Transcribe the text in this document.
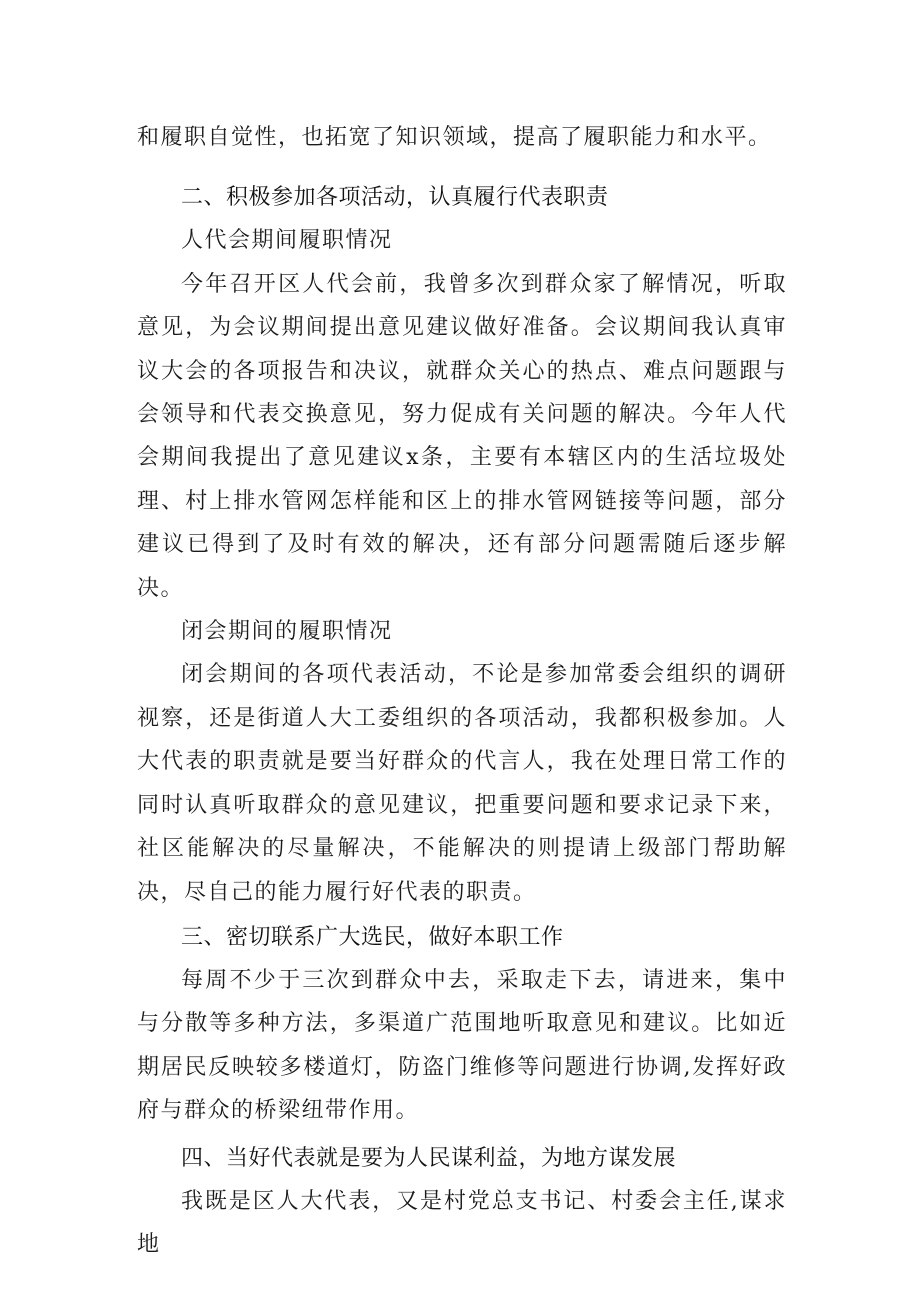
和履职自觉性，也拓宽了知识领域，提高了履职能力和水平。

二、积极参加各项活动，认真履行代表职责

人代会期间履职情况

今年召开区人代会前，我曾多次到群众家了解情况，听取意见，为会议期间提出意见建议做好准备。会议期间我认真审议大会的各项报告和决议，就群众关心的热点、难点问题跟与会领导和代表交换意见，努力促成有关问题的解决。今年人代会期间我提出了意见建议x条，主要有本辖区内的生活垃圾处理、村上排水管网怎样能和区上的排水管网链接等问题，部分建议已得到了及时有效的解决，还有部分问题需随后逐步解决。

闭会期间的履职情况

闭会期间的各项代表活动，不论是参加常委会组织的调研视察，还是街道人大工委组织的各项活动，我都积极参加。人大代表的职责就是要当好群众的代言人，我在处理日常工作的同时认真听取群众的意见建议，把重要问题和要求记录下来，社区能解决的尽量解决，不能解决的则提请上级部门帮助解决，尽自己的能力履行好代表的职责。

三、密切联系广大选民，做好本职工作

每周不少于三次到群众中去，采取走下去，请进来，集中与分散等多种方法，多渠道广范围地听取意见和建议。比如近期居民反映较多楼道灯，防盗门维修等问题进行协调,发挥好政府与群众的桥梁纽带作用。

四、当好代表就是要为人民谋利益，为地方谋发展

我既是区人大代表，又是村党总支书记、村委会主任,谋求地
